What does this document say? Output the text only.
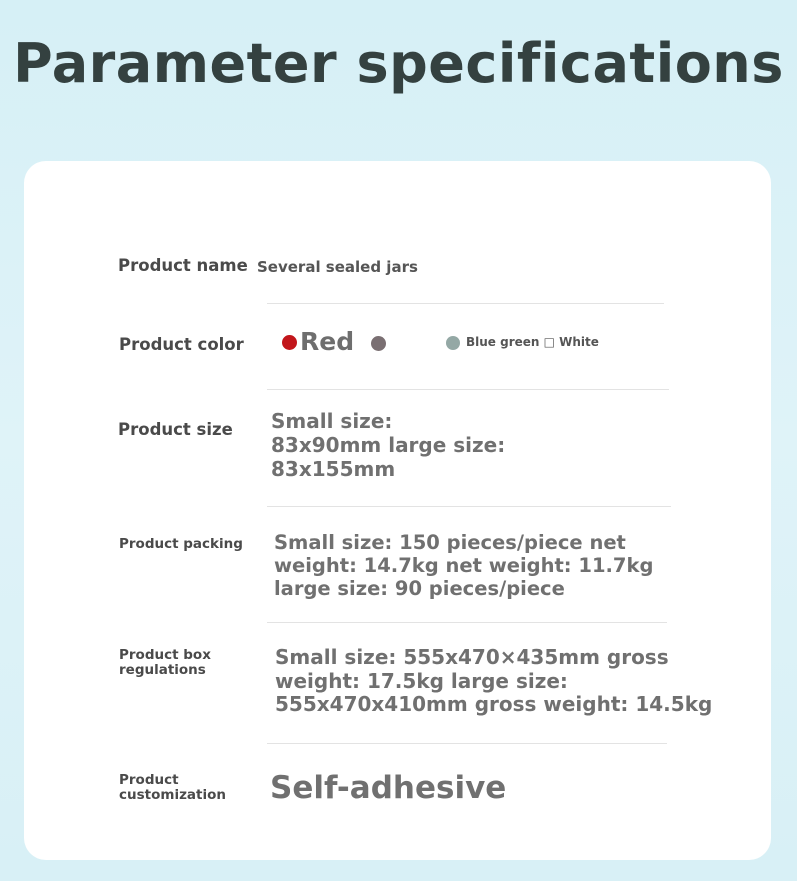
Parameter specifications
Product name Several sealed jars
Product color Red	Blue green □ White
Product size Small size:
83x90mm large size:
83x155mm
Product packing Small size: 150 pieces/piece net
weight: 14.7kg net weight: 11.7kg
large size: 90 pieces/piece
Product box
regulations
Small size: 555x470×435mm gross
weight: 17.5kg large size:
555x470x410mm gross weight: 14.5kg
Product
customization Self-adhesive
